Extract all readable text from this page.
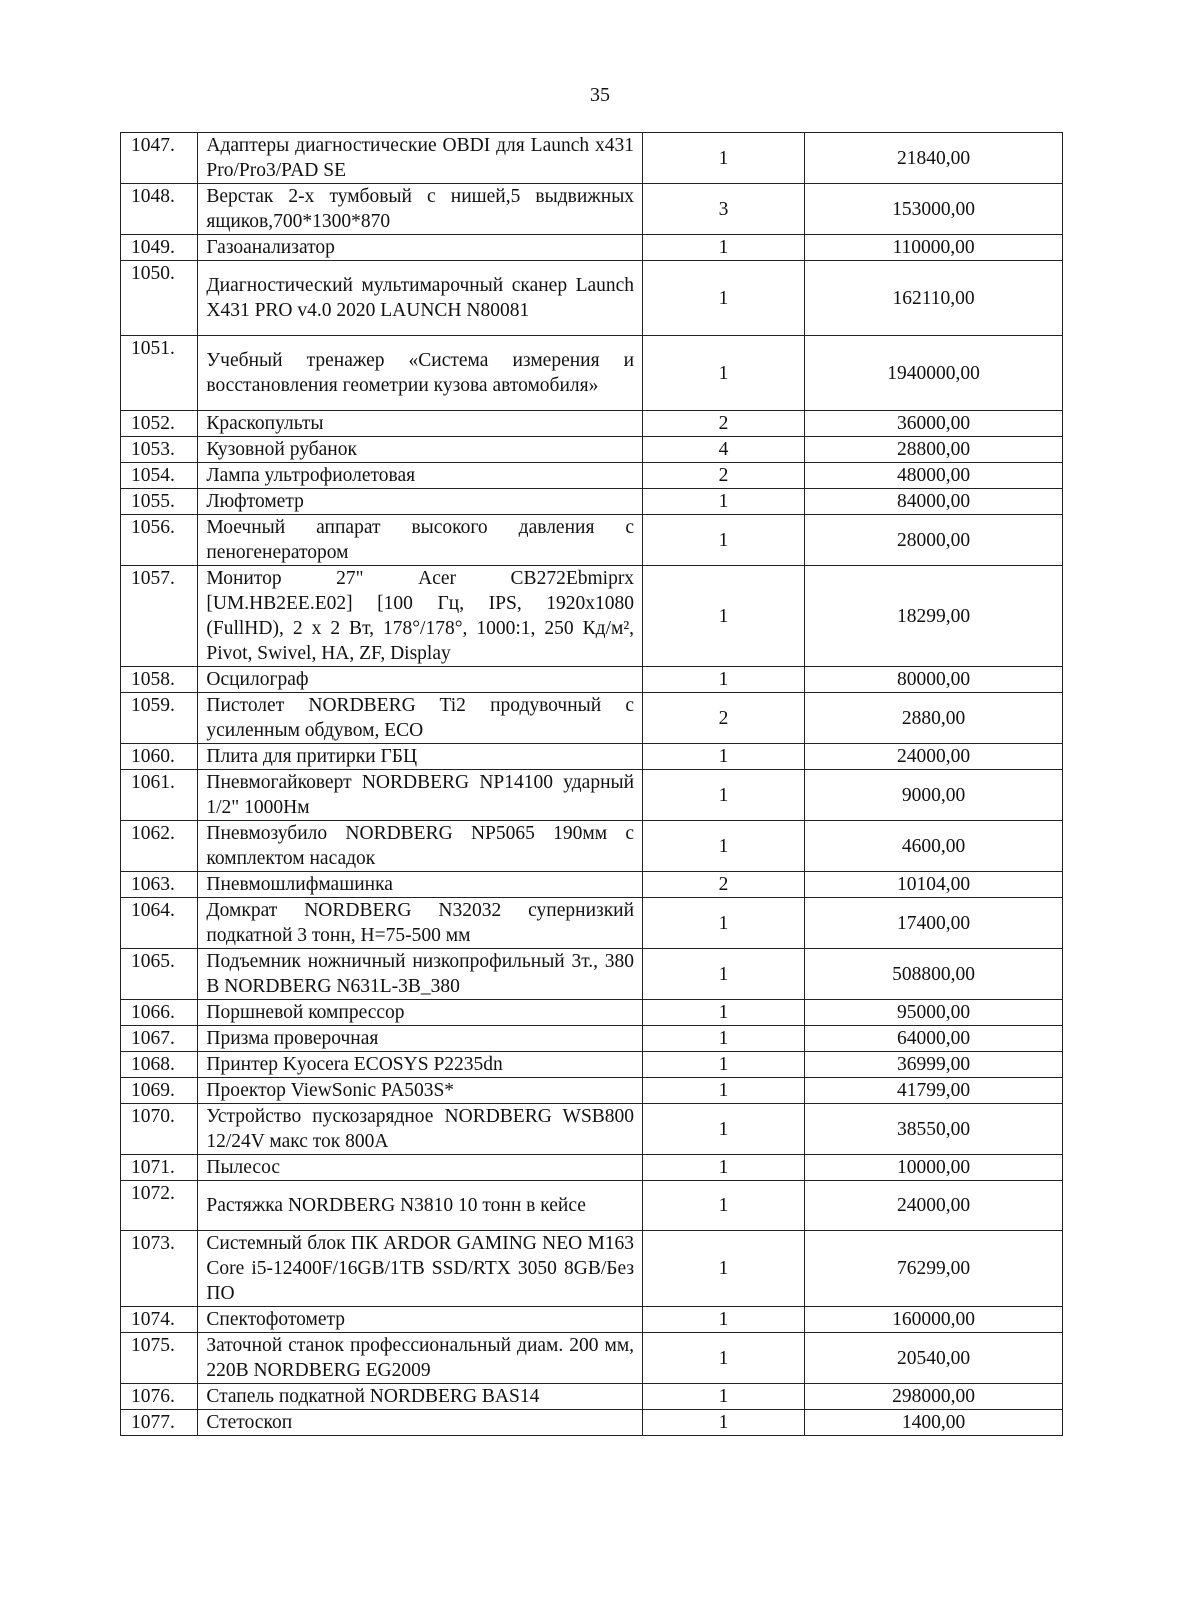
35
1047.	Адаптеры диагностические OBDI для Launch x431 Pro/Pro3/PAD SE	1	21840,00
1048.	Верстак 2-х тумбовый с нишей,5 выдвижных ящиков,700*1300*870	3	153000,00
1049.	Газоанализатор	1	110000,00
1050.	Диагностический мультимарочный сканер Launch X431 PRO v4.0 2020 LAUNCH N80081	1	162110,00
1051.	Учебный тренажер «Система измерения и восстановления геометрии кузова автомобиля»	1	1940000,00
1052.	Краскопульты	2	36000,00
1053.	Кузовной рубанок	4	28800,00
1054.	Лампа ультрофиолетовая	2	48000,00
1055.	Люфтометр	1	84000,00
1056.	Моечный аппарат высокого давления с пеногенератором	1	28000,00
1057.	Монитор 27" Acer CB272Ebmiprx [UM.HB2EE.E02] [100 Гц, IPS, 1920x1080 (FullHD), 2 x 2 Вт, 178°/178°, 1000:1, 250 Кд/м², Pivot, Swivel, HA, ZF, Display	1	18299,00
1058.	Осцилограф	1	80000,00
1059.	Пистолет NORDBERG Ti2 продувочный с усиленным обдувом, ECO	2	2880,00
1060.	Плита для притирки ГБЦ	1	24000,00
1061.	Пневмогайковерт NORDBERG NP14100 ударный 1/2" 1000Нм	1	9000,00
1062.	Пневмозубило NORDBERG NP5065 190мм с комплектом насадок	1	4600,00
1063.	Пневмошлифмашинка	2	10104,00
1064.	Домкрат NORDBERG N32032 супернизкий подкатной 3 тонн, H=75-500 мм	1	17400,00
1065.	Подъемник ножничный низкопрофильный 3т., 380 В NORDBERG N631L-3B_380	1	508800,00
1066.	Поршневой компрессор	1	95000,00
1067.	Призма проверочная	1	64000,00
1068.	Принтер Kyocera ECOSYS P2235dn	1	36999,00
1069.	Проектор ViewSonic PA503S*	1	41799,00
1070.	Устройство пускозарядное NORDBERG WSB800 12/24V макс ток 800A	1	38550,00
1071.	Пылесос	1	10000,00
1072.	Растяжка NORDBERG N3810 10 тонн в кейсе	1	24000,00
1073.	Системный блок ПК ARDOR GAMING NEO M163 Core i5-12400F/16GB/1TB SSD/RTX 3050 8GB/Без ПО	1	76299,00
1074.	Спектофотометр	1	160000,00
1075.	Заточной станок профессиональный диам. 200 мм, 220В NORDBERG EG2009	1	20540,00
1076.	Стапель подкатной NORDBERG BAS14	1	298000,00
1077.	Стетоскоп	1	1400,00
